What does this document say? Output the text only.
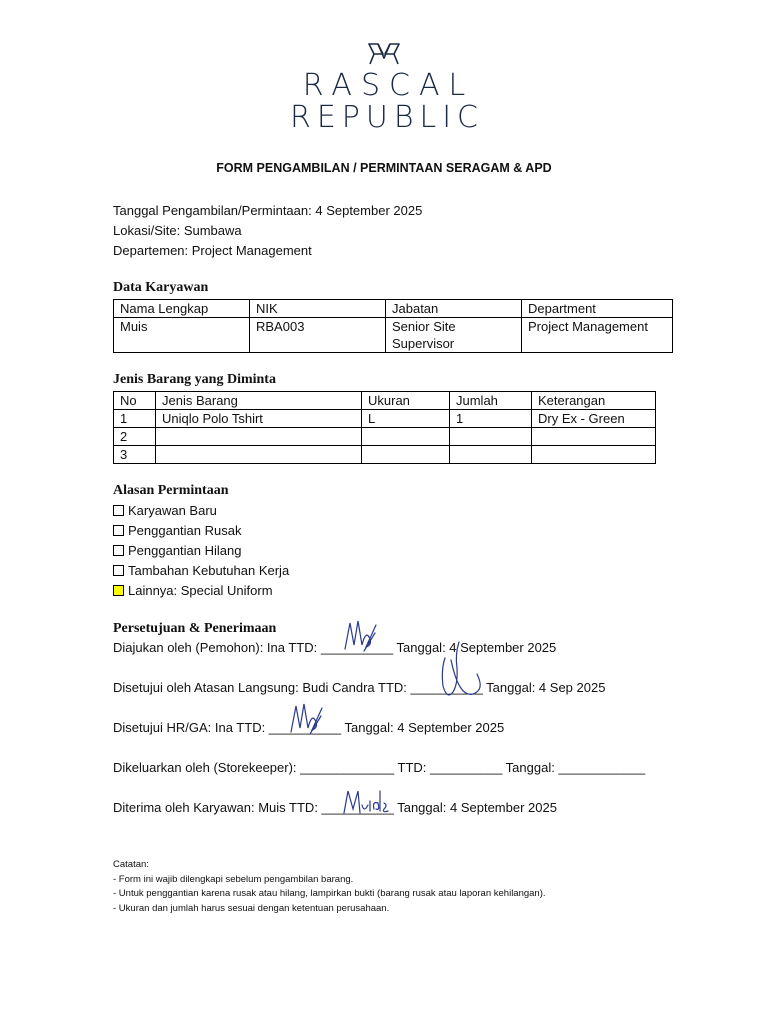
RASCAL
REPUBLIC
FORM PENGAMBILAN / PERMINTAAN SERAGAM & APD
Tanggal Pengambilan/Permintaan: 4 September 2025
Lokasi/Site: Sumbawa
Departemen: Project Management
Data Karyawan
Nama Lengkap	NIK	Jabatan	Department
Muis	RBA003	Senior Site Supervisor	Project Management
Jenis Barang yang Diminta
No	Jenis Barang	Ukuran	Jumlah	Keterangan
1	Uniqlo Polo Tshirt	L	1	Dry Ex - Green
2				
3				
Alasan Permintaan
Karyawan Baru
Penggantian Rusak
Penggantian Hilang
Tambahan Kebutuhan Kerja
Lainnya: Special Uniform
Persetujuan & Penerimaan
Diajukan oleh (Pemohon): Ina TTD: __________ Tanggal: 4 September 2025
Disetujui oleh Atasan Langsung: Budi Candra TTD: __________ Tanggal: 4 Sep 2025
Disetujui HR/GA: Ina TTD: __________ Tanggal: 4 September 2025
Dikeluarkan oleh (Storekeeper): _____________ TTD: __________ Tanggal: ____________
Diterima oleh Karyawan: Muis TTD: __________ Tanggal: 4 September 2025
Catatan:
- Form ini wajib dilengkapi sebelum pengambilan barang.
- Untuk penggantian karena rusak atau hilang, lampirkan bukti (barang rusak atau laporan kehilangan).
- Ukuran dan jumlah harus sesuai dengan ketentuan perusahaan.
